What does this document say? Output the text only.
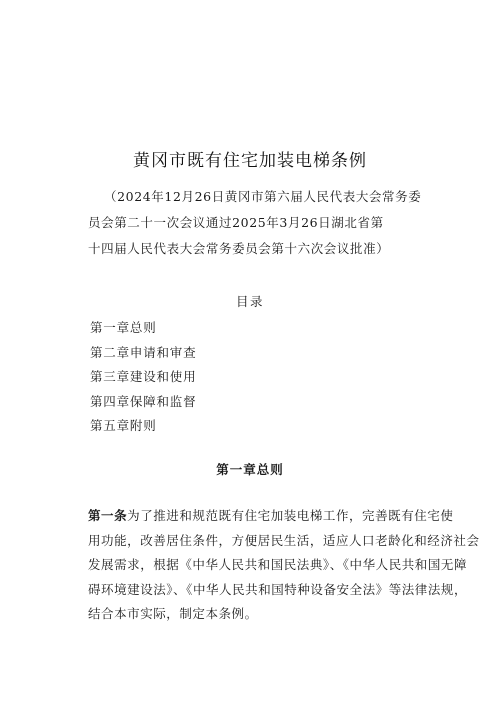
黄冈市既有住宅加装电梯条例
（2024年12月26日黄冈市第六届人民代表大会常务委
员会第二十一次会议通过2025年3月26日湖北省第
十四届人民代表大会常务委员会第十六次会议批准）
目录
第一章总则
第二章申请和审查
第三章建设和使用
第四章保障和监督
第五章附则
第一章总则
第一条为了推进和规范既有住宅加装电梯工作，完善既有住宅使
用功能，改善居住条件，方便居民生活，适应人口老龄化和经济社会
发展需求，根据《中华人民共和国民法典》、《中华人民共和国无障
碍环境建设法》、《中华人民共和国特种设备安全法》等法律法规，
结合本市实际，制定本条例。
